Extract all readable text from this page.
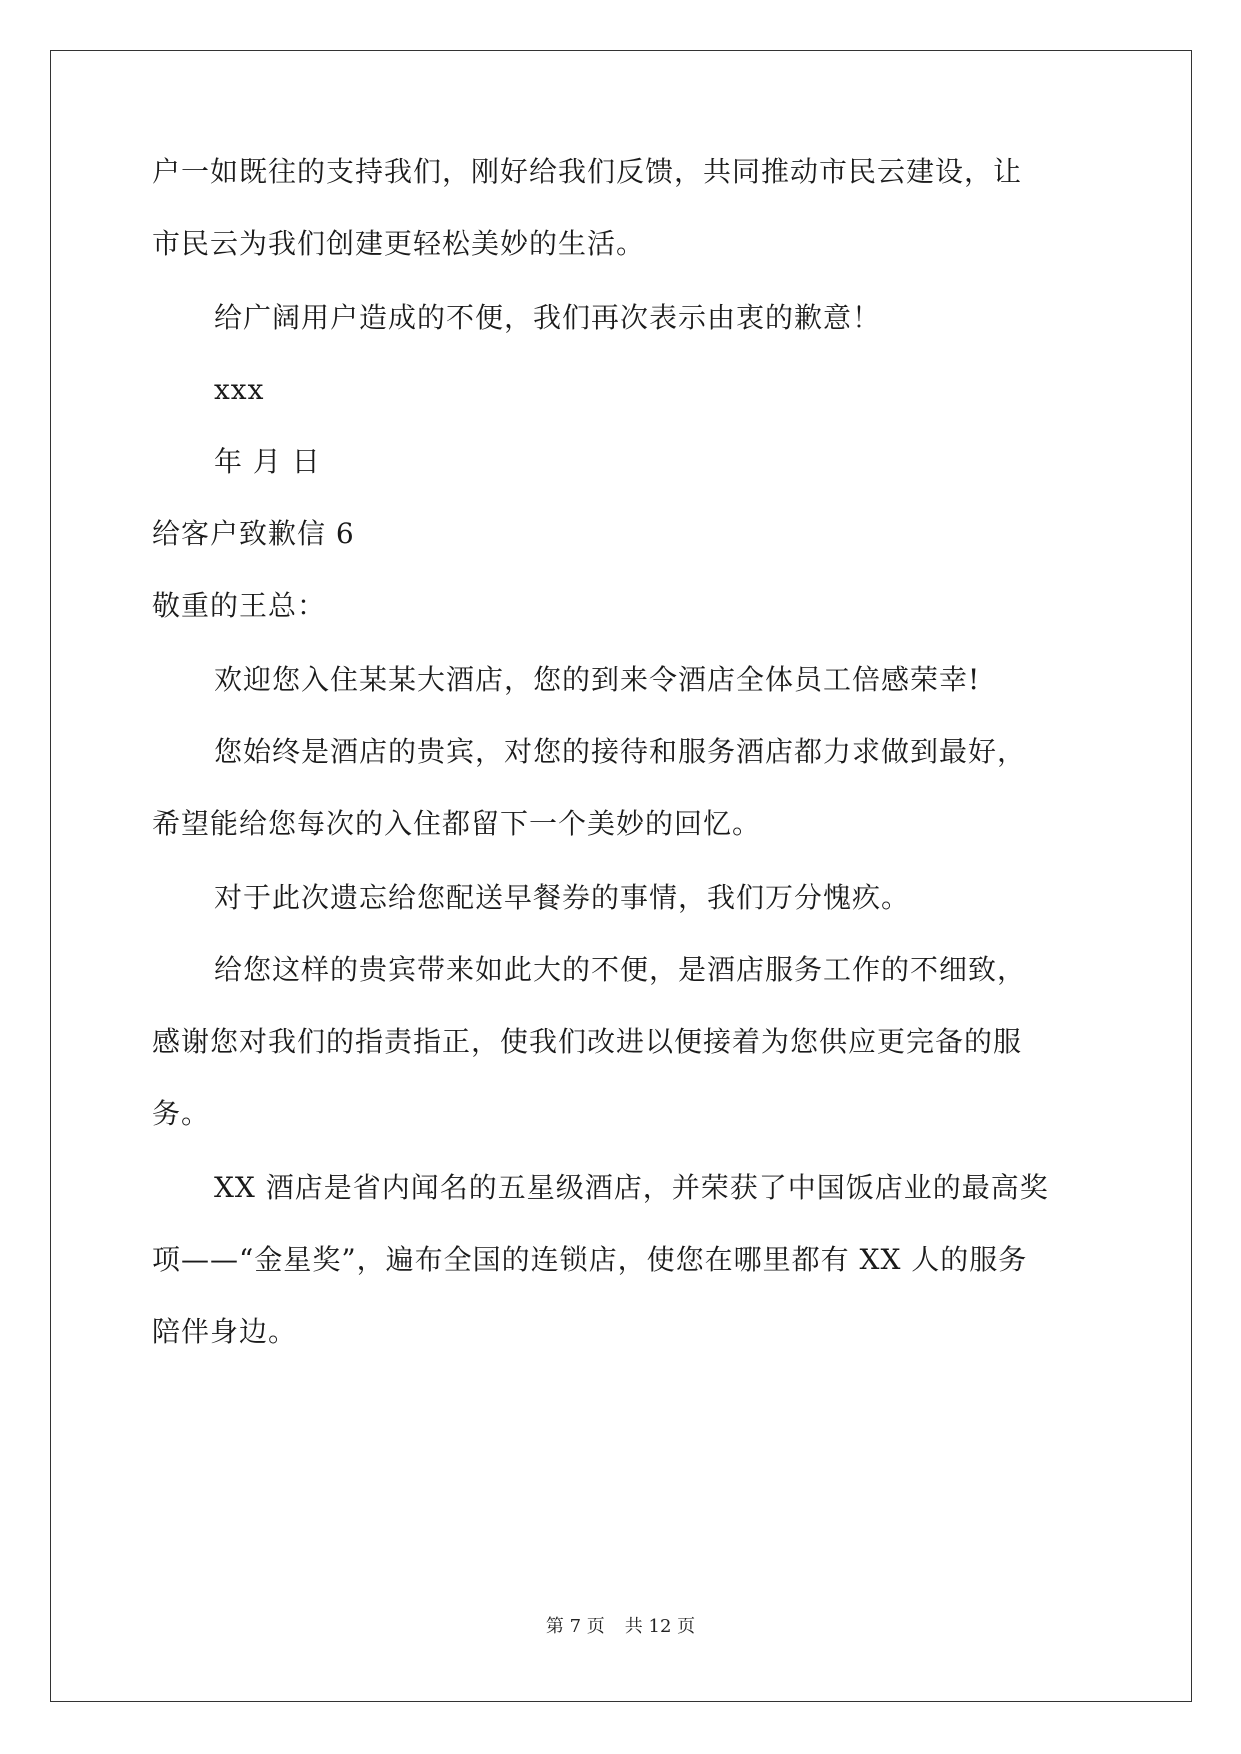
户一如既往的支持我们，刚好给我们反馈，共同推动市民云建设，让
市民云为我们创建更轻松美妙的生活。
给广阔用户造成的不便，我们再次表示由衷的歉意！
xxx
年 月 日
给客户致歉信 6
敬重的王总：
欢迎您入住某某大酒店，您的到来令酒店全体员工倍感荣幸!
您始终是酒店的贵宾，对您的接待和服务酒店都力求做到最好，
希望能给您每次的入住都留下一个美妙的回忆。
对于此次遗忘给您配送早餐券的事情，我们万分愧疚。
给您这样的贵宾带来如此大的不便，是酒店服务工作的不细致，
感谢您对我们的指责指正，使我们改进以便接着为您供应更完备的服
务。
XX 酒店是省内闻名的五星级酒店，并荣获了中国饭店业的最高奖
项——“金星奖”，遍布全国的连锁店，使您在哪里都有 XX 人的服务
陪伴身边。
第 7 页 共 12 页
